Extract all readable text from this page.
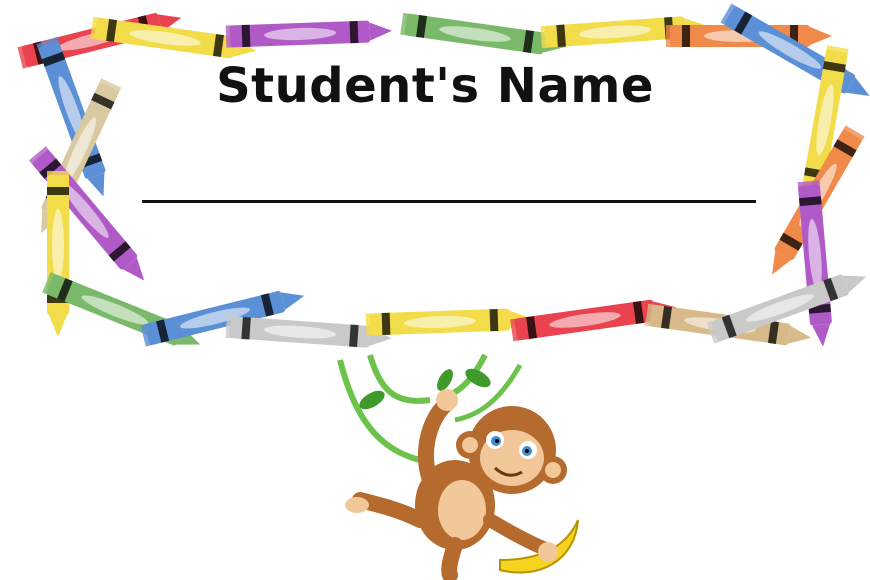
Student's Name
